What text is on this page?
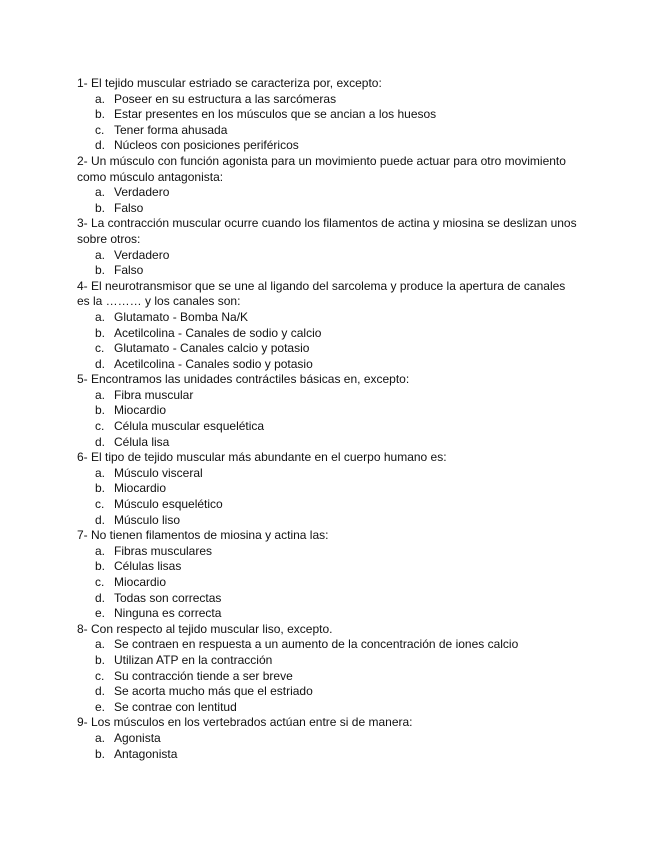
1- El tejido muscular estriado se caracteriza por, excepto:

a. Poseer en su estructura a las sarcómeras
b. Estar presentes en los músculos que se ancian a los huesos
c. Tener forma ahusada
d. Núcleos con posiciones periféricos

2- Un músculo con función agonista para un movimiento puede actuar para otro movimiento como músculo antagonista:

a. Verdadero
b. Falso

3- La contracción muscular ocurre cuando los filamentos de actina y miosina se deslizan unos sobre otros:

a. Verdadero
b. Falso

4- El neurotransmisor que se une al ligando del sarcolema y produce la apertura de canales es la ……… y los canales son:

a. Glutamato - Bomba Na/K
b. Acetilcolina - Canales de sodio y calcio
c. Glutamato - Canales calcio y potasio
d. Acetilcolina - Canales sodio y potasio

5- Encontramos las unidades contráctiles básicas en, excepto:

a. Fibra muscular
b. Miocardio
c. Célula muscular esquelética
d. Célula lisa

6- El tipo de tejido muscular más abundante en el cuerpo humano es:

a. Músculo visceral
b. Miocardio
c. Músculo esquelético
d. Músculo liso

7- No tienen filamentos de miosina y actina las:

a. Fibras musculares
b. Células lisas
c. Miocardio
d. Todas son correctas
e. Ninguna es correcta

8- Con respecto al tejido muscular liso, excepto.

a. Se contraen en respuesta a un aumento de la concentración de iones calcio
b. Utilizan ATP en la contracción
c. Su contracción tiende a ser breve
d. Se acorta mucho más que el estriado
e. Se contrae con lentitud

9- Los músculos en los vertebrados actúan entre si de manera:

a. Agonista
b. Antagonista
